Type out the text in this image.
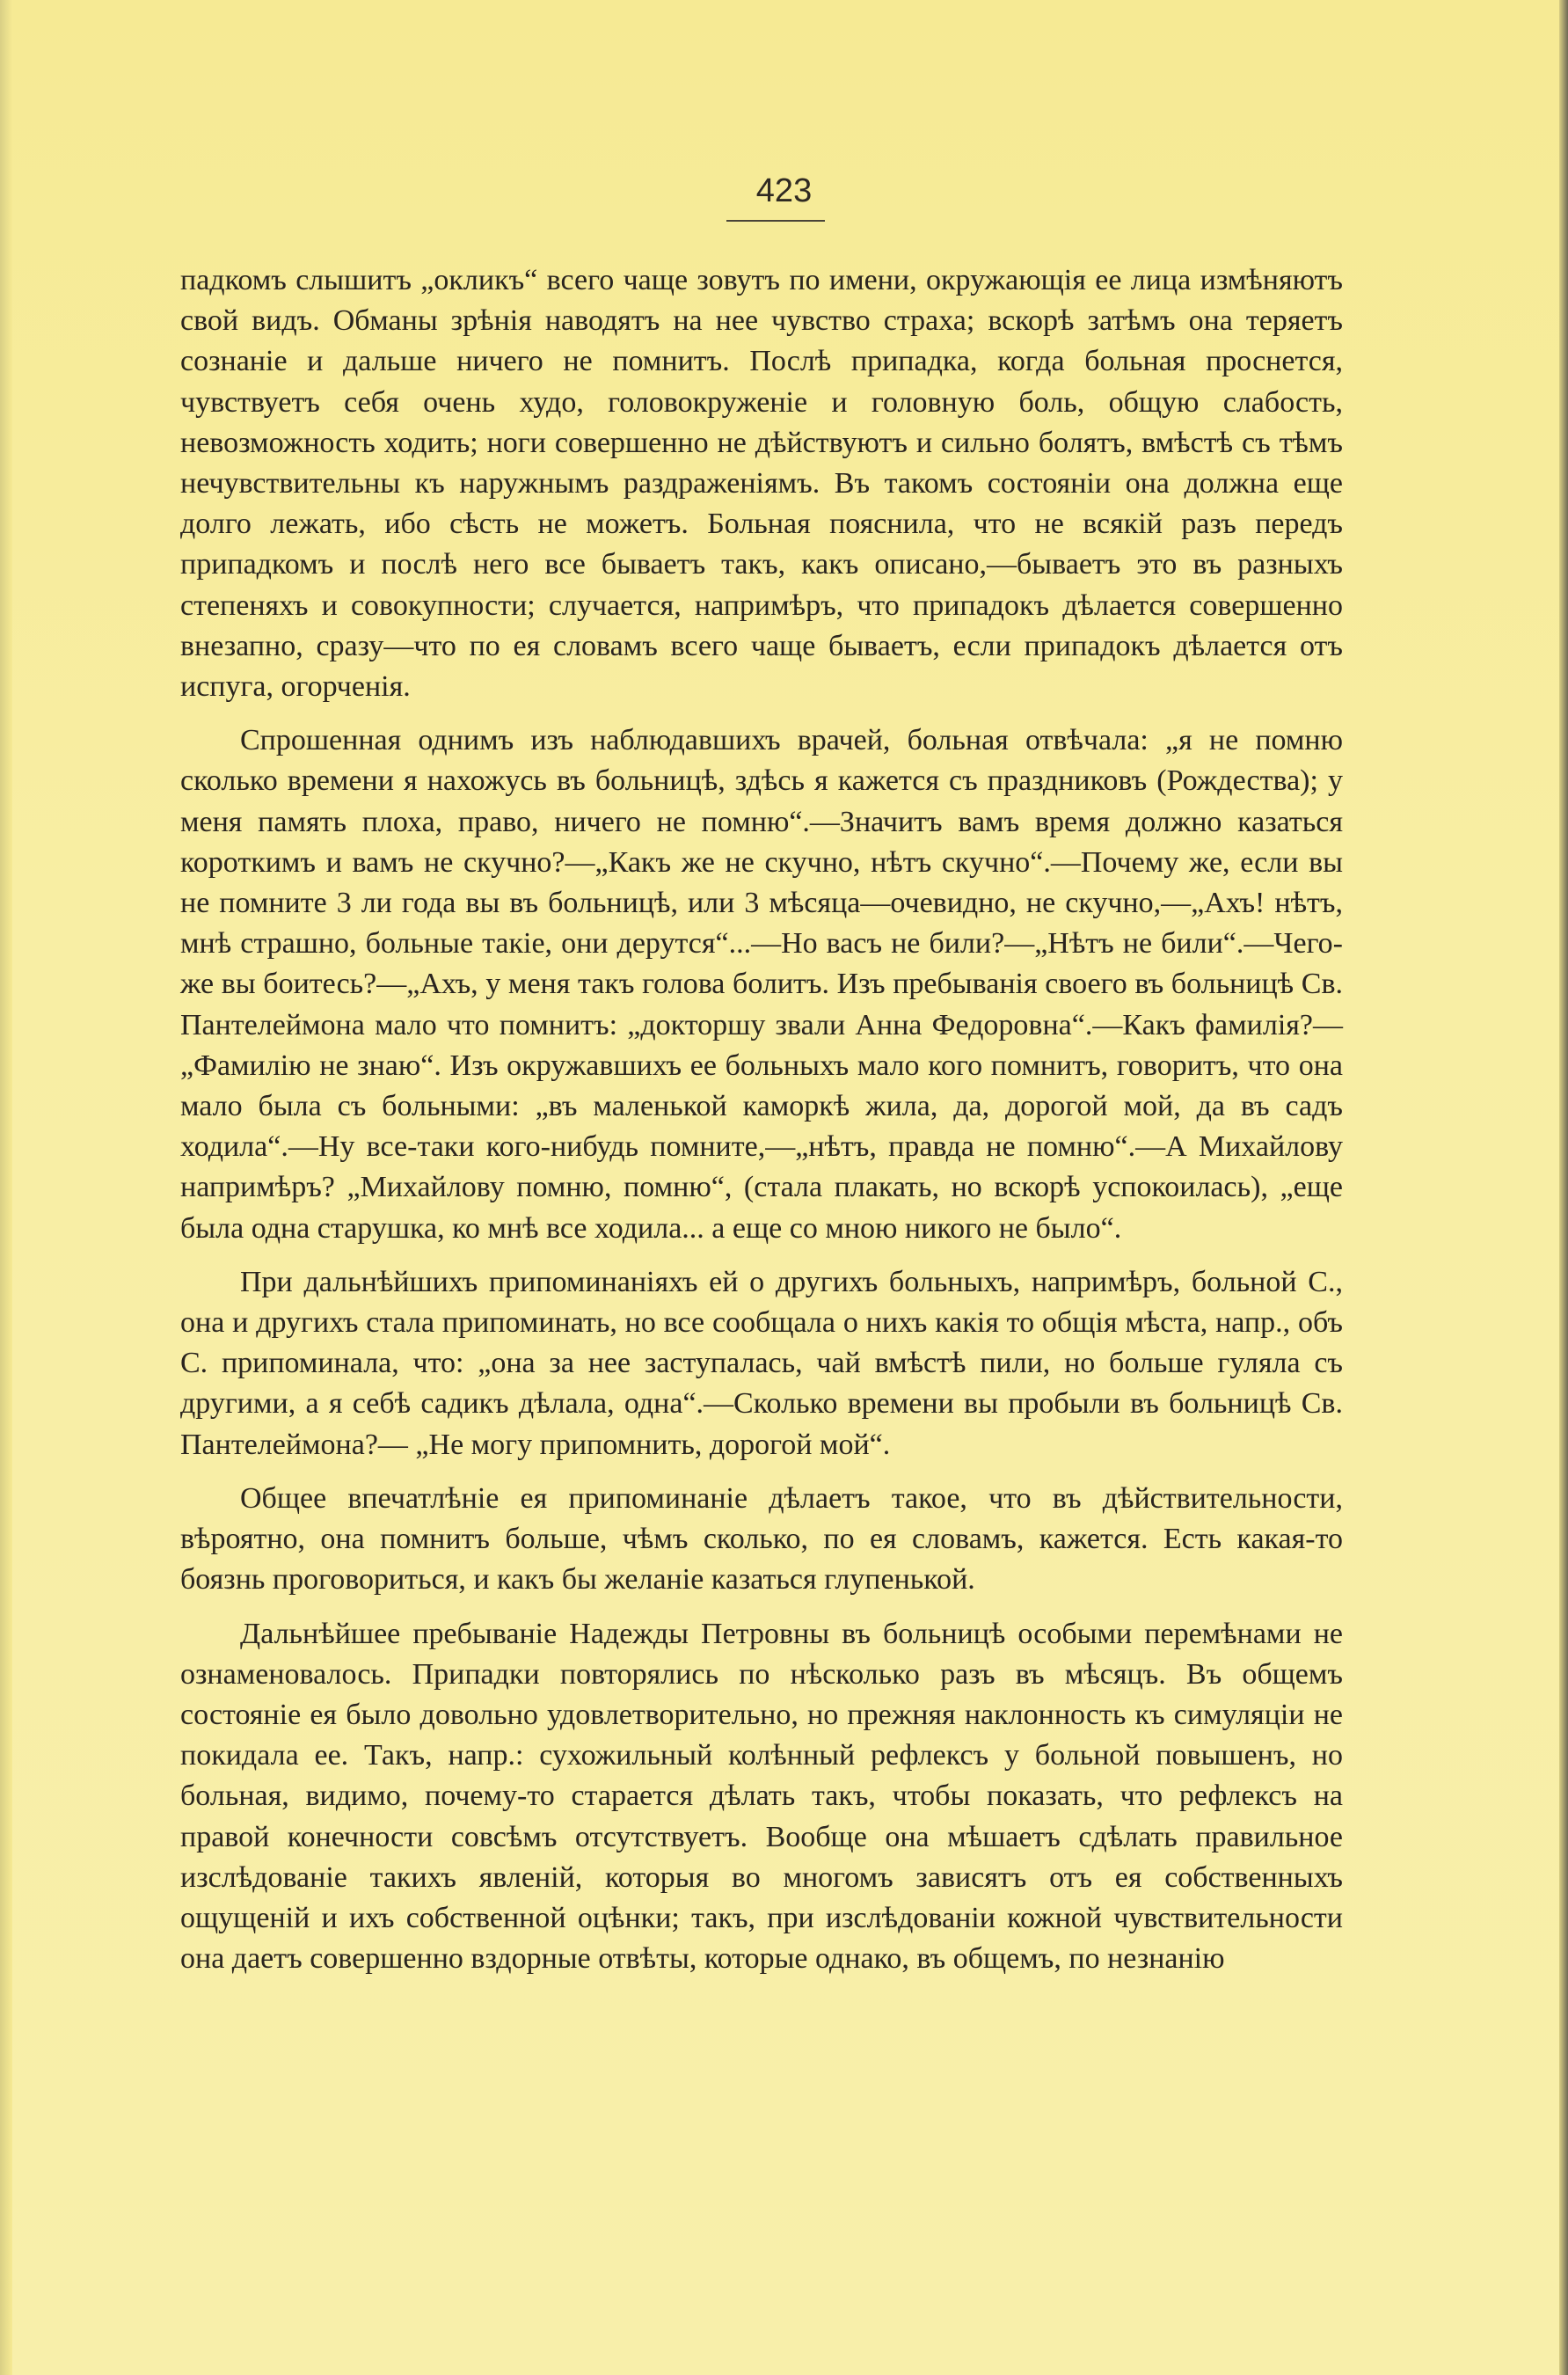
423

падкомъ слышитъ „окликъ“ всего чаще зовутъ по имени, окружающія ее лица измѣняютъ свой видъ. Обманы зрѣнія наводятъ на нее чувство страха; вскорѣ затѣмъ она теряетъ сознаніе и дальше ничего не помнитъ. Послѣ припадка, когда больная проснется, чувствуетъ себя очень худо, головокруженіе и головную боль, общую слабость, невозможность ходить; ноги совершенно не дѣйствуютъ и сильно болятъ, вмѣстѣ съ тѣмъ нечувствительны къ наружнымъ раздраженіямъ. Въ такомъ состояніи она должна еще долго лежать, ибо сѣсть не можетъ. Больная пояснила, что не всякій разъ передъ припадкомъ и послѣ него все бываетъ такъ, какъ описано,—бываетъ это въ разныхъ степеняхъ и совокупности; случается, напримѣръ, что припадокъ дѣлается совершенно внезапно, сразу—что по ея словамъ всего чаще бываетъ, если припадокъ дѣлается отъ испуга, огорченія.

Спрошенная однимъ изъ наблюдавшихъ врачей, больная отвѣчала: „я не помню сколько времени я нахожусь въ больницѣ, здѣсь я кажется съ праздниковъ (Рождества); у меня память плоха, право, ничего не помню“.—Значитъ вамъ время должно казаться короткимъ и вамъ не скучно?—„Какъ же не скучно, нѣтъ скучно“.—Почему же, если вы не помните 3 ли года вы въ больницѣ, или 3 мѣсяца—очевидно, не скучно,—„Ахъ! нѣтъ, мнѣ страшно, больные такіе, они дерутся“...—Но васъ не били?—„Нѣтъ не били“.—Чего-же вы боитесь?—„Ахъ, у меня такъ голова болитъ. Изъ пребыванія своего въ больницѣ Св. Пантелеймона мало что помнитъ: „докторшу звали Анна Федоровна“.—Какъ фамилія?—„Фамилію не знаю“. Изъ окружавшихъ ее больныхъ мало кого помнитъ, говоритъ, что она мало была съ больными: „въ маленькой каморкѣ жила, да, дорогой мой, да въ садъ ходила“.—Ну все-таки кого-нибудь помните,—„нѣтъ, правда не помню“.—А Михайлову напримѣръ? „Михайлову помню, помню“, (стала плакать, но вскорѣ успокоилась), „еще была одна старушка, ко мнѣ все ходила... а еще со мною никого не было“.

При дальнѣйшихъ припоминаніяхъ ей о другихъ больныхъ, напримѣръ, больной С., она и другихъ стала припоминать, но все сообщала о нихъ какія то общія мѣста, напр., объ С. припоминала, что: „она за нее заступалась, чай вмѣстѣ пили, но больше гуляла съ другими, а я себѣ садикъ дѣлала, одна“.—Сколько времени вы пробыли въ больницѣ Св. Пантелеймона?— „Не могу припомнить, дорогой мой“.

Общее впечатлѣніе ея припоминаніе дѣлаетъ такое, что въ дѣйствительности, вѣроятно, она помнитъ больше, чѣмъ сколько, по ея словамъ, кажется. Есть какая-то боязнь проговориться, и какъ бы желаніе казаться глупенькой.

Дальнѣйшее пребываніе Надежды Петровны въ больницѣ особыми перемѣнами не ознаменовалось. Припадки повторялись по нѣсколько разъ въ мѣсяцъ. Въ общемъ состояніе ея было довольно удовлетворительно, но прежняя наклонность къ симуляціи не покидала ее. Такъ, напр.: сухожильный колѣнный рефлексъ у больной повышенъ, но больная, видимо, почему-то старается дѣлать такъ, чтобы показать, что рефлексъ на правой конечности совсѣмъ отсутствуетъ. Вообще она мѣшаетъ сдѣлать правильное изслѣдованіе такихъ явленій, которыя во многомъ зависятъ отъ ея собственныхъ ощущеній и ихъ собственной оцѣнки; такъ, при изслѣдованіи кожной чувствительности она даетъ совершенно вздорные отвѣты, которые однако, въ общемъ, по незнанію
